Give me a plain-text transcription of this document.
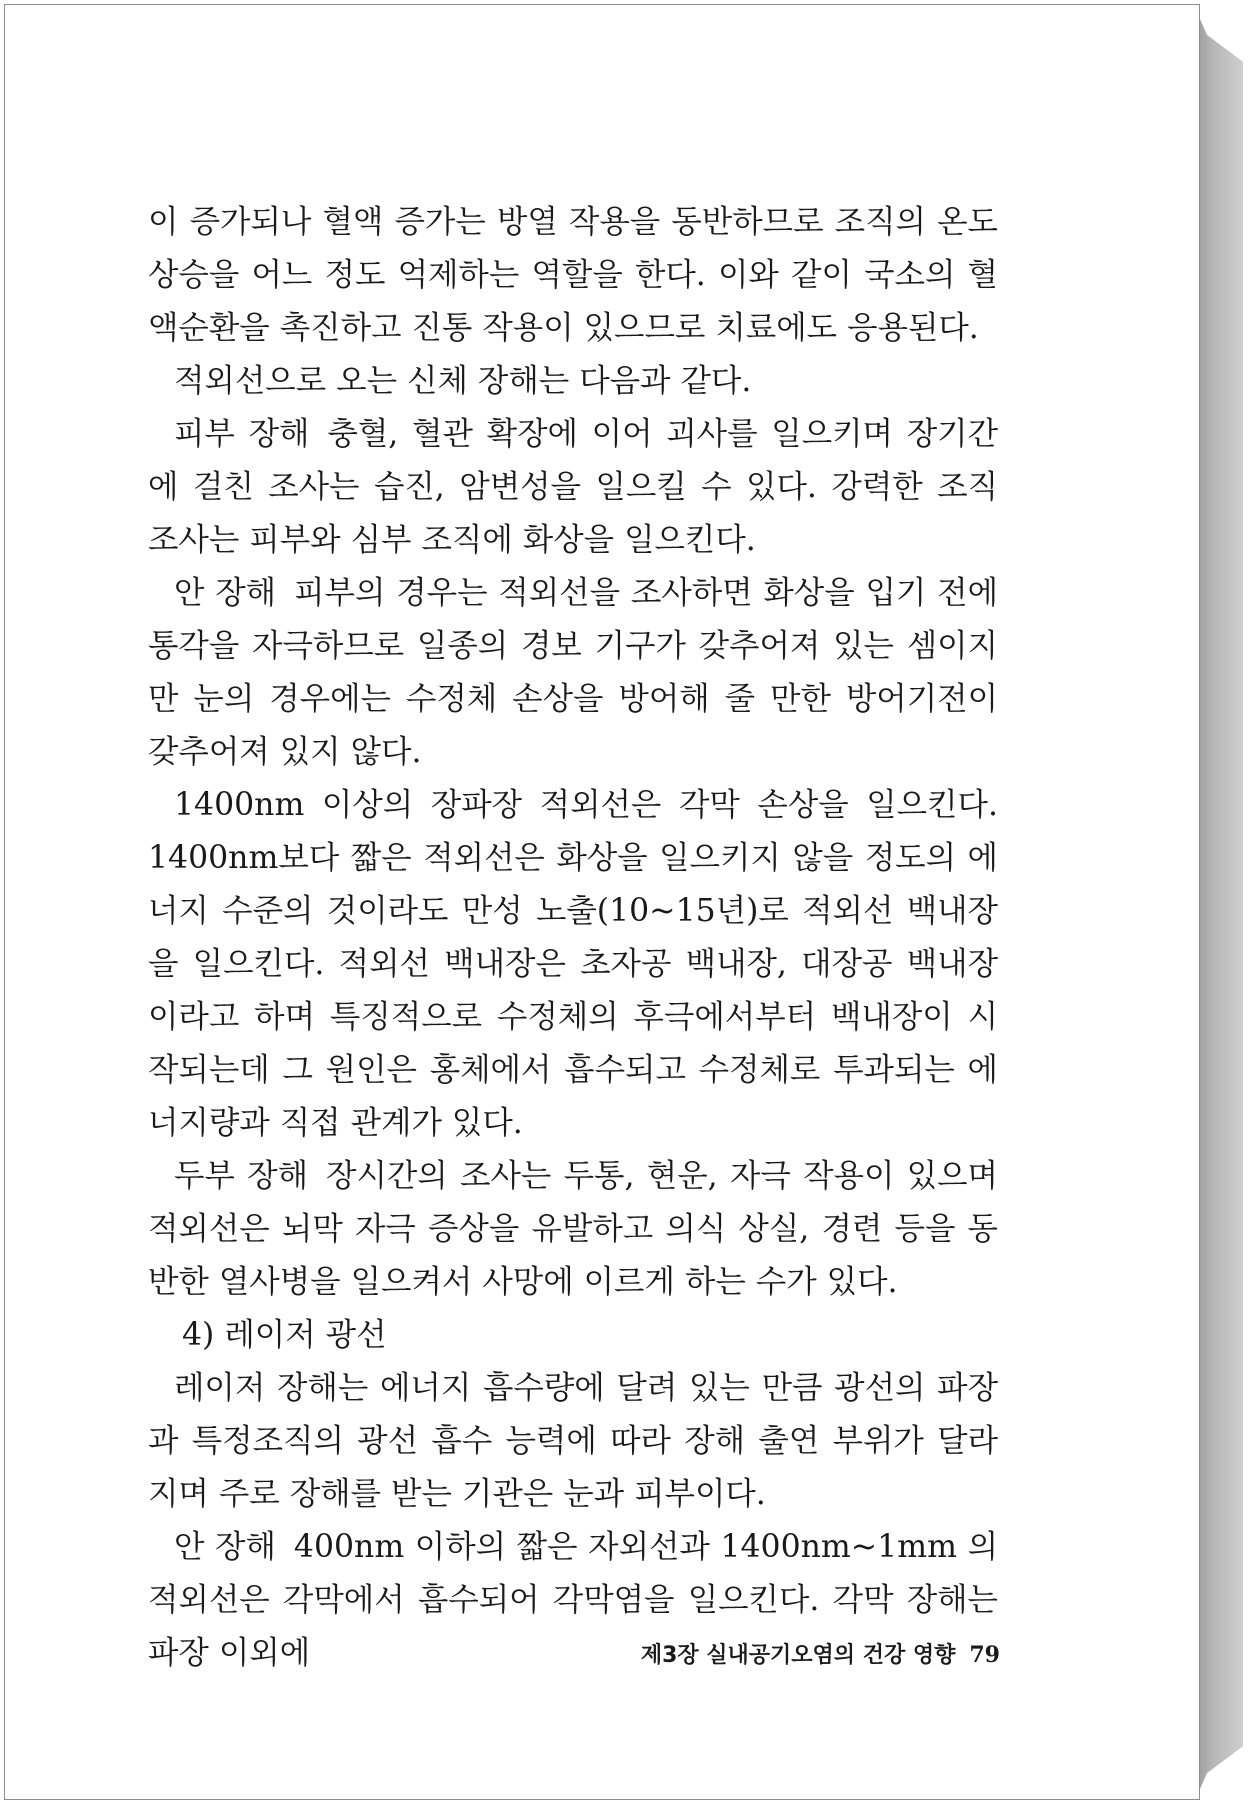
이 증가되나 혈액 증가는 방열 작용을 동반하므로 조직의 온도 상승을 어느 정도 억제하는 역할을 한다. 이와 같이 국소의 혈액순환을 촉진하고 진통 작용이 있으므로 치료에도 응용된다.

적외선으로 오는 신체 장해는 다음과 같다.

피부 장해 충혈, 혈관 확장에 이어 괴사를 일으키며 장기간에 걸친 조사는 습진, 암변성을 일으킬 수 있다. 강력한 조직 조사는 피부와 심부 조직에 화상을 일으킨다.

안 장해 피부의 경우는 적외선을 조사하면 화상을 입기 전에 통각을 자극하므로 일종의 경보 기구가 갖추어져 있는 셈이지만 눈의 경우에는 수정체 손상을 방어해 줄 만한 방어기전이 갖추어져 있지 않다.

1400nm 이상의 장파장 적외선은 각막 손상을 일으킨다. 1400nm보다 짧은 적외선은 화상을 일으키지 않을 정도의 에너지 수준의 것이라도 만성 노출(10~15년)로 적외선 백내장을 일으킨다. 적외선 백내장은 초자공 백내장, 대장공 백내장이라고 하며 특징적으로 수정체의 후극에서부터 백내장이 시작되는데 그 원인은 홍체에서 흡수되고 수정체로 투과되는 에너지량과 직접 관계가 있다.

두부 장해 장시간의 조사는 두통, 현운, 자극 작용이 있으며 적외선은 뇌막 자극 증상을 유발하고 의식 상실, 경련 등을 동반한 열사병을 일으켜서 사망에 이르게 하는 수가 있다.

4) 레이저 광선

레이저 장해는 에너지 흡수량에 달려 있는 만큼 광선의 파장과 특정조직의 광선 흡수 능력에 따라 장해 출연 부위가 달라지며 주로 장해를 받는 기관은 눈과 피부이다.

안 장해 400nm 이하의 짧은 자외선과 1400nm~1mm 의 적외선은 각막에서 흡수되어 각막염을 일으킨다. 각막 장해는 파장 이외에	제3장 실내공기오염의 건강 영향 79
